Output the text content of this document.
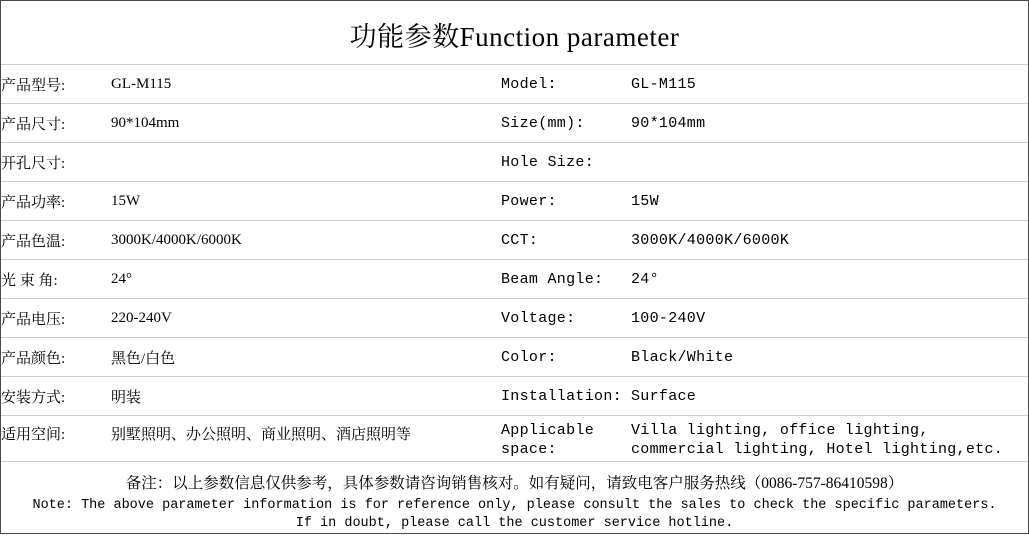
功能参数Function parameter
产品型号:	GL-M115	Model:	GL-M115
产品尺寸:	90*104mm	Size(mm):	90*104mm
开孔尺寸:		Hole Size:	
产品功率:	15W	Power:	15W
产品色温:	3000K/4000K/6000K	CCT:	3000K/4000K/6000K
光 束 角:	24°	Beam Angle:	24°
产品电压:	220-240V	Voltage:	100-240V
产品颜色:	黑色/白色	Color:	Black/White
安装方式:	明装	Installation:	Surface
适用空间:	别墅照明、办公照明、商业照明、酒店照明等	Applicable space:	Villa lighting, office lighting, commercial lighting, Hotel lighting,etc.
备注：以上参数信息仅供参考，具体参数请咨询销售核对。如有疑问，请致电客户服务热线（0086-757-86410598）
Note: The above parameter information is for reference only, please consult the sales to check the specific parameters.
If in doubt, please call the customer service hotline.
